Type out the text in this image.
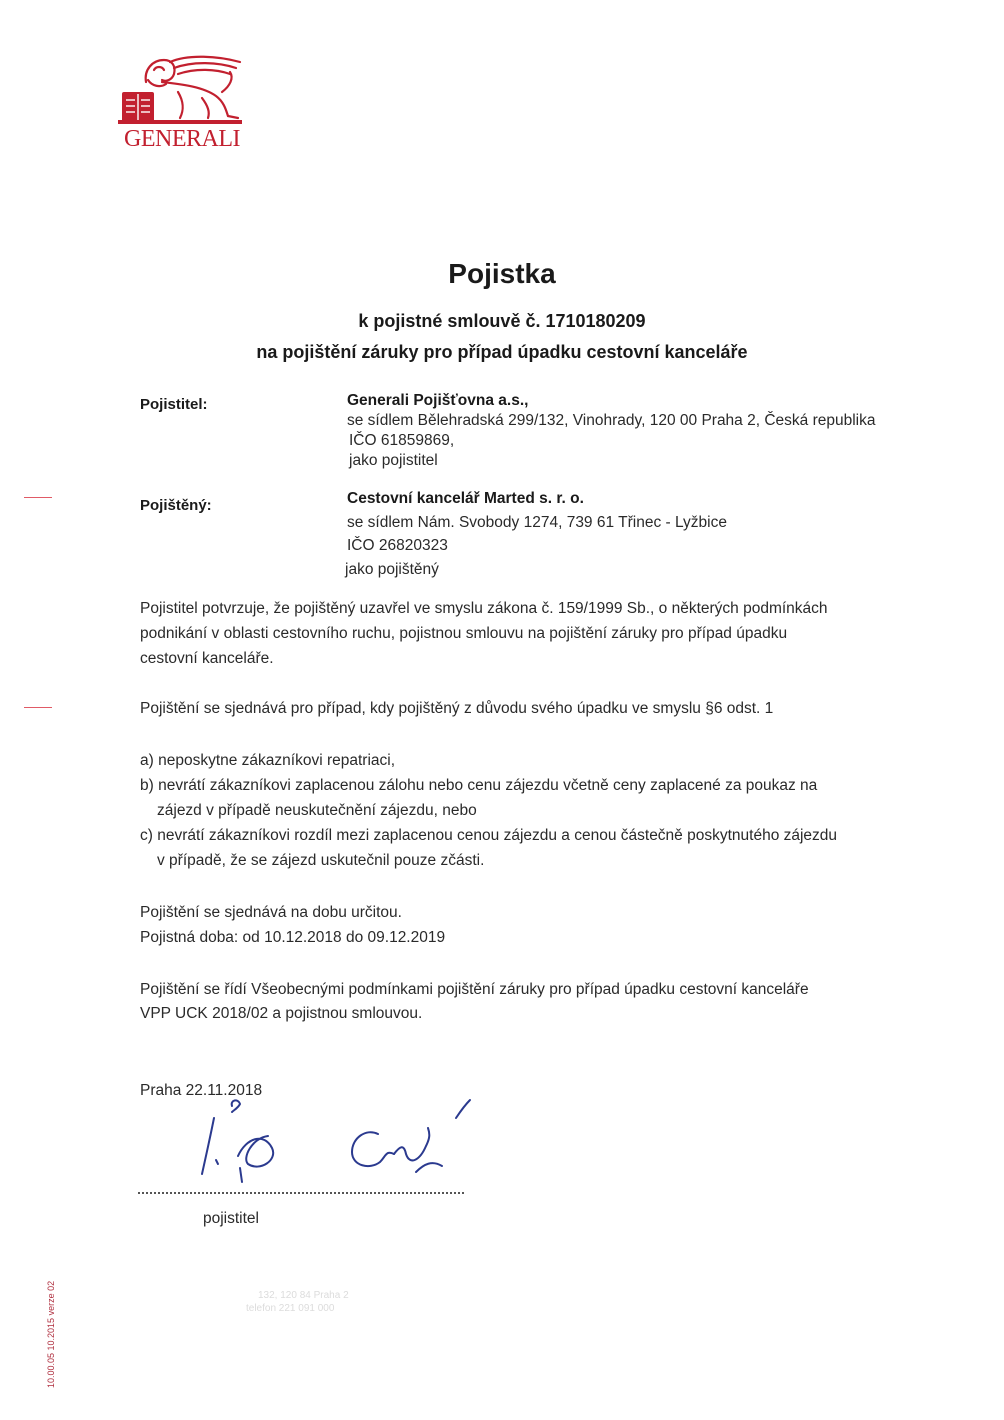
GENERALI
Pojistka
k pojistné smlouvě č. 1710180209
na pojištění záruky pro případ úpadku cestovní kanceláře
Pojistitel:	Generali Pojišťovna a.s.,
se sídlem Bělehradská 299/132, Vinohrady, 120 00 Praha 2, Česká republika
IČO 61859869,
jako pojistitel
Pojištěný:	Cestovní kancelář Marted s. r. o.
se sídlem Nám. Svobody 1274, 739 61 Třinec - Lyžbice
IČO 26820323
jako pojištěný
Pojistitel potvrzuje, že pojištěný uzavřel ve smyslu zákona č. 159/1999 Sb., o některých podmínkách
podnikání v oblasti cestovního ruchu, pojistnou smlouvu na pojištění záruky pro případ úpadku
cestovní kanceláře.
Pojištění se sjednává pro případ, kdy pojištěný z důvodu svého úpadku ve smyslu §6 odst. 1
a) neposkytne zákazníkovi repatriaci,
b) nevrátí zákazníkovi zaplacenou zálohu nebo cenu zájezdu včetně ceny zaplacené za poukaz na
zájezd v případě neuskutečnění zájezdu, nebo
c) nevrátí zákazníkovi rozdíl mezi zaplacenou cenou zájezdu a cenou částečně poskytnutého zájezdu
v případě, že se zájezd uskutečnil pouze zčásti.
Pojištění se sjednává na dobu určitou.
Pojistná doba: od 10.12.2018 do 09.12.2019
Pojištění se řídí Všeobecnými podmínkami pojištění záruky pro případ úpadku cestovní kanceláře
VPP UCK 2018/02 a pojistnou smlouvou.
Praha 22.11.2018
pojistitel
132, 120 84 Praha 2
telefon 221 091 000
10.00.05 10.2015 verze 02
